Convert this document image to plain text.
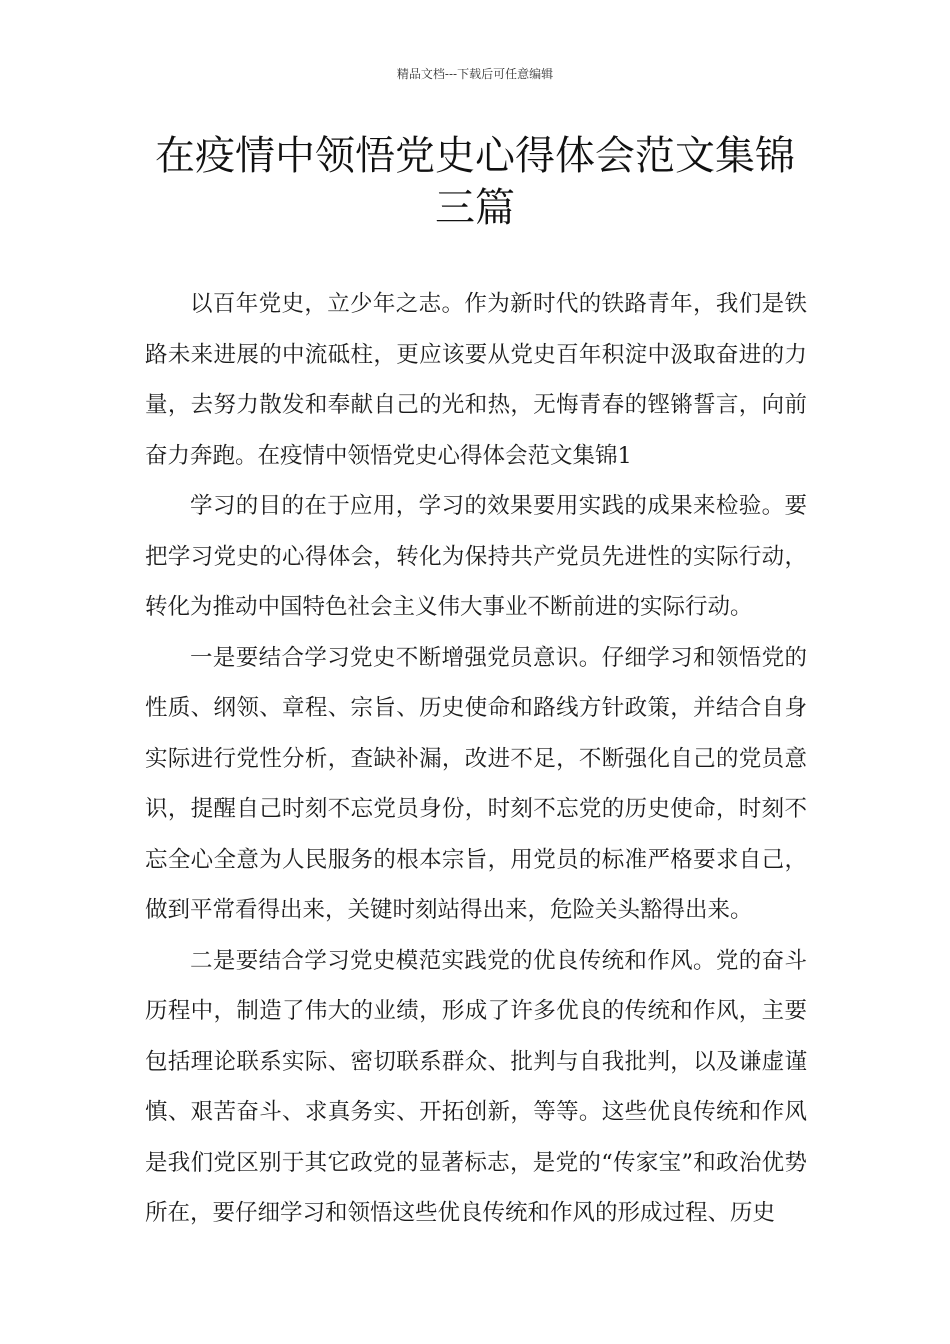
精品文档---下载后可任意编辑
在疫情中领悟党史心得体会范文集锦三篇

以百年党史，立少年之志。作为新时代的铁路青年，我们是铁路未来进展的中流砥柱，更应该要从党史百年积淀中汲取奋进的力量，去努力散发和奉献自己的光和热，无悔青春的铿锵誓言，向前奋力奔跑。在疫情中领悟党史心得体会范文集锦1

学习的目的在于应用，学习的效果要用实践的成果来检验。要把学习党史的心得体会，转化为保持共产党员先进性的实际行动，转化为推动中国特色社会主义伟大事业不断前进的实际行动。

一是要结合学习党史不断增强党员意识。仔细学习和领悟党的性质、纲领、章程、宗旨、历史使命和路线方针政策，并结合自身实际进行党性分析，查缺补漏，改进不足，不断强化自己的党员意识，提醒自己时刻不忘党员身份，时刻不忘党的历史使命，时刻不忘全心全意为人民服务的根本宗旨，用党员的标准严格要求自己，做到平常看得出来，关键时刻站得出来，危险关头豁得出来。

二是要结合学习党史模范实践党的优良传统和作风。党的奋斗历程中，制造了伟大的业绩，形成了许多优良的传统和作风，主要包括理论联系实际、密切联系群众、批判与自我批判，以及谦虚谨慎、艰苦奋斗、求真务实、开拓创新，等等。这些优良传统和作风是我们党区别于其它政党的显著标志，是党的“传家宝”和政治优势所在，要仔细学习和领悟这些优良传统和作风的形成过程、历史
